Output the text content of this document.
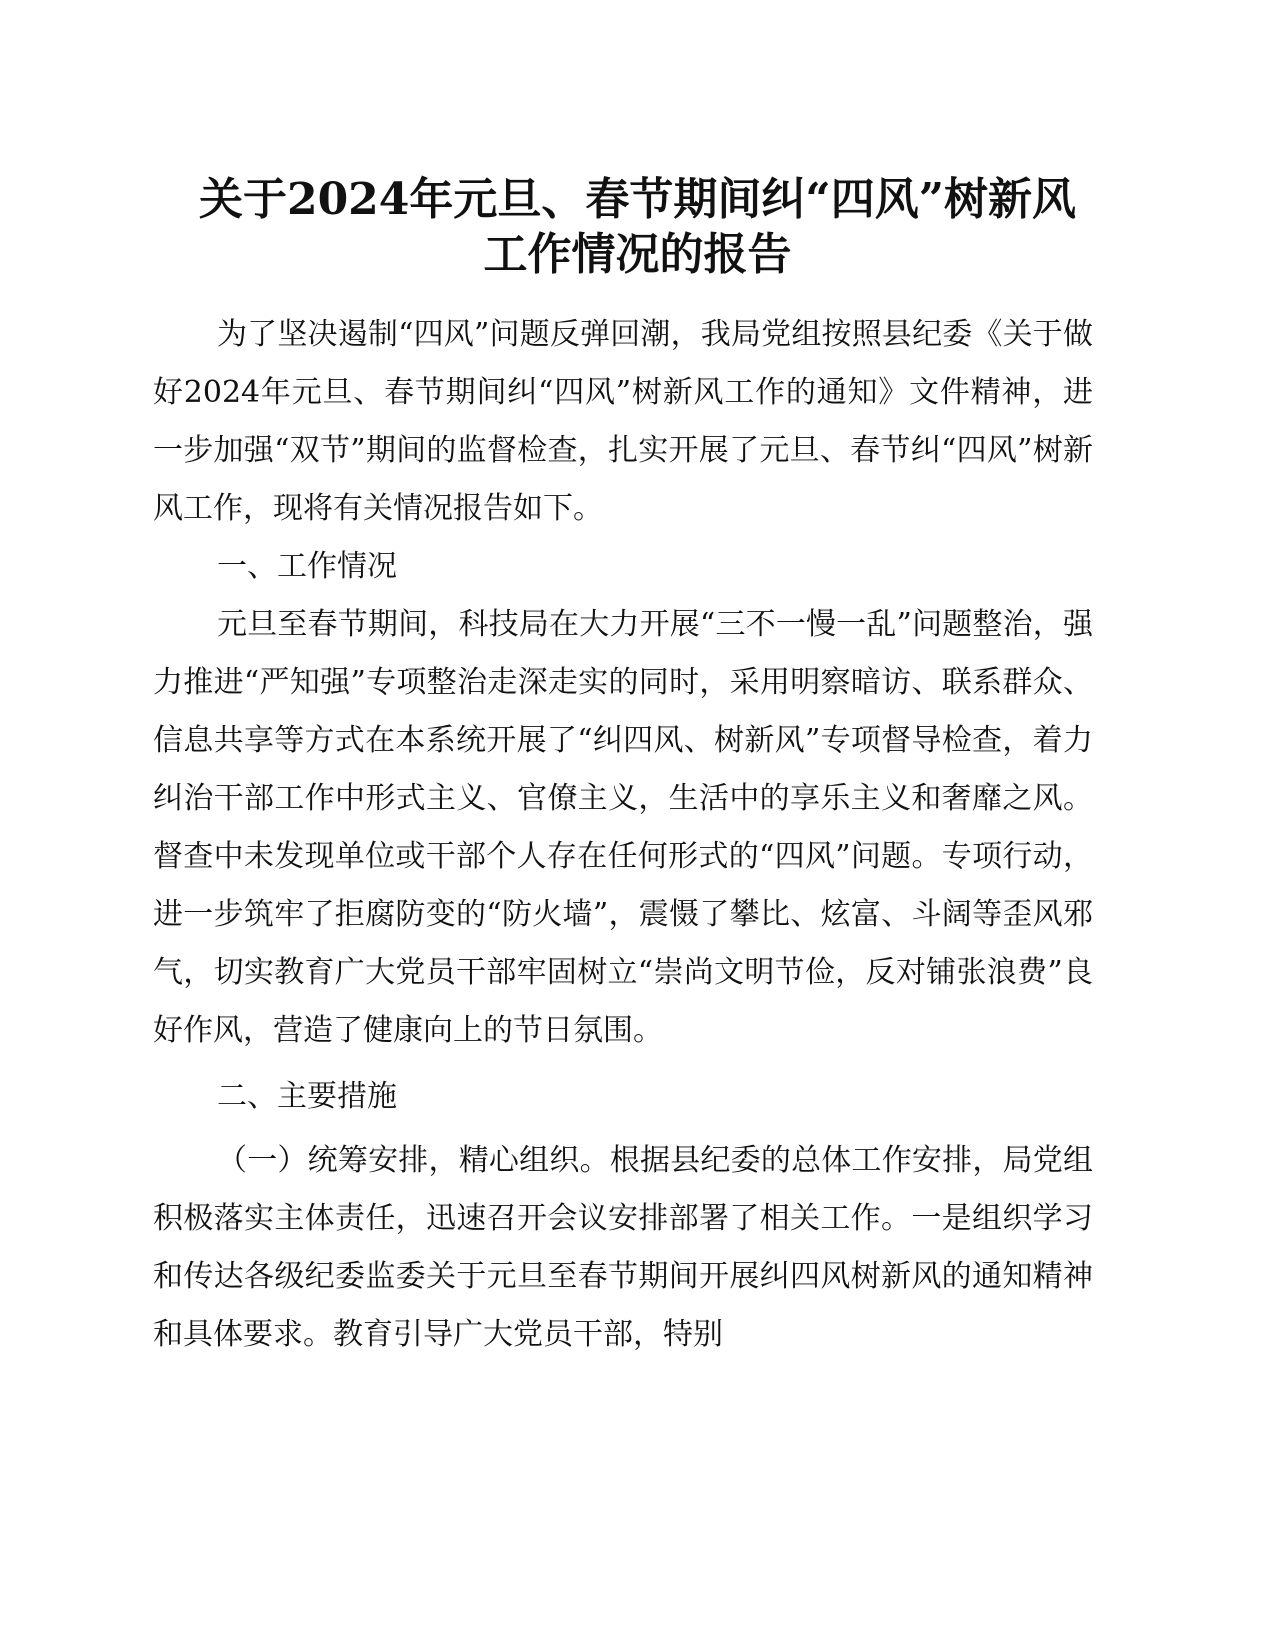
关于2024年元旦、春节期间纠“四风”树新风
工作情况的报告

为了坚决遏制“四风”问题反弹回潮，我局党组按照县纪委《关于做好2024年元旦、春节期间纠“四风”树新风工作的通知》文件精神，进一步加强“双节”期间的监督检查，扎实开展了元旦、春节纠“四风”树新风工作，现将有关情况报告如下。

一、工作情况

元旦至春节期间，科技局在大力开展“三不一慢一乱”问题整治，强力推进“严知强”专项整治走深走实的同时，采用明察暗访、联系群众、信息共享等方式在本系统开展了“纠四风、树新风”专项督导检查，着力纠治干部工作中形式主义、官僚主义，生活中的享乐主义和奢靡之风。督查中未发现单位或干部个人存在任何形式的“四风”问题。专项行动，进一步筑牢了拒腐防变的“防火墙”，震慑了攀比、炫富、斗阔等歪风邪气，切实教育广大党员干部牢固树立“崇尚文明节俭，反对铺张浪费”良好作风，营造了健康向上的节日氛围。

二、主要措施

（一）统筹安排，精心组织。根据县纪委的总体工作安排，局党组积极落实主体责任，迅速召开会议安排部署了相关工作。一是组织学习和传达各级纪委监委关于元旦至春节期间开展纠四风树新风的通知精神和具体要求。教育引导广大党员干部，特别
